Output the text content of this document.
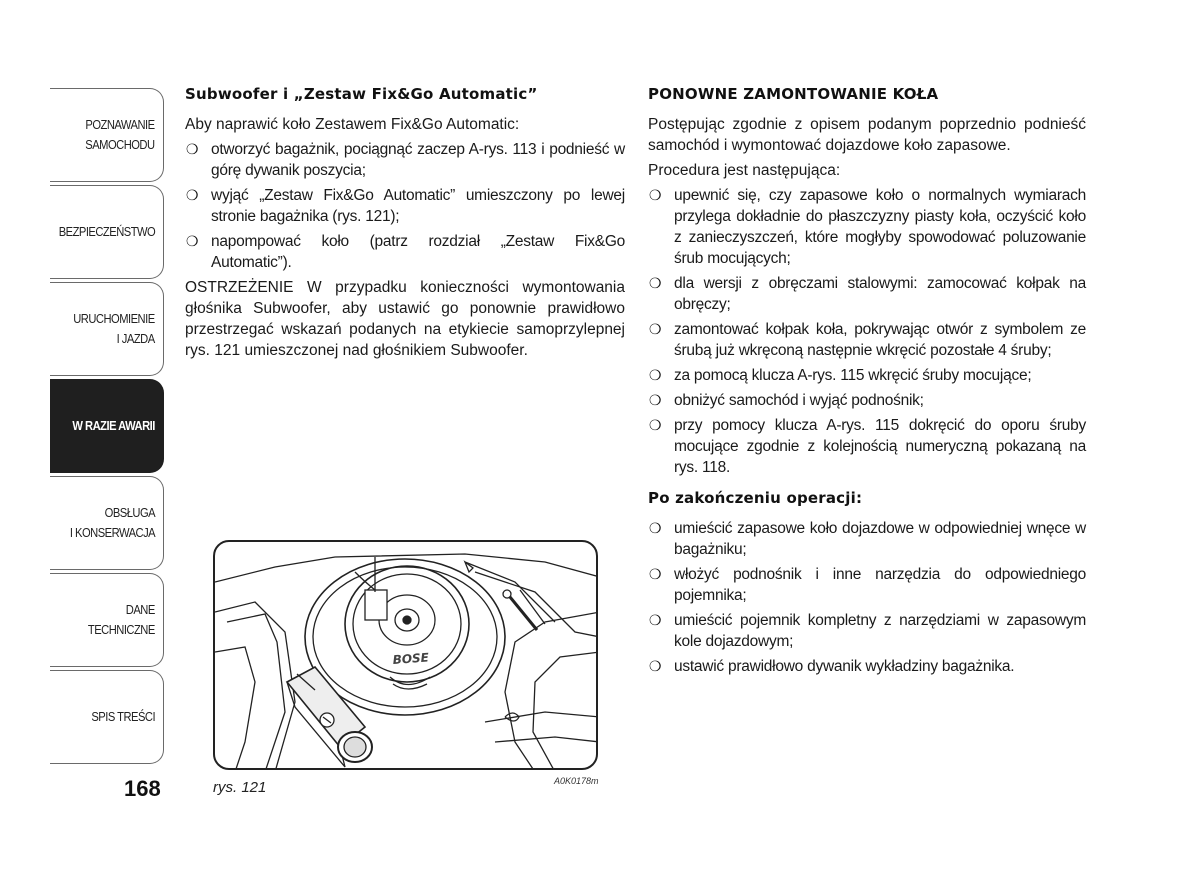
POZNAWANIE
SAMOCHODU
BEZPIECZEŃSTWO
URUCHOMIENIE
I JAZDA
W RAZIE AWARII
OBSŁUGA
I KONSERWACJA
DANE
TECHNICZNE
SPIS TREŚCI
168
Subwoofer i „Zestaw Fix&Go Automatic”

Aby naprawić koło Zestawem Fix&Go Automatic:

❍ otworzyć bagażnik, pociągnąć zaczep A-rys. 113 i podnieść w górę dywanik poszycia;
❍ wyjąć „Zestaw Fix&Go Automatic” umieszczony po lewej stronie bagażnika (rys. 121);
❍ napompować koło (patrz rozdział „Zestaw Fix&Go Automatic”).

OSTRZEŻENIE W przypadku konieczności wymontowania głośnika Subwoofer, aby ustawić go ponownie prawidłowo przestrzegać wskazań podanych na etykiecie samoprzylepnej rys. 121 umieszczonej nad głośnikiem Subwoofer.

BOSE
rys. 121	A0K0178m
PONOWNE ZAMONTOWANIE KOŁA

Postępując zgodnie z opisem podanym poprzednio podnieść samochód i wymontować dojazdowe koło zapasowe.

Procedura jest następująca:

❍ upewnić się, czy zapasowe koło o normalnych wymiarach przylega dokładnie do płaszczyzny piasty koła, oczyścić koło z zanieczyszczeń, które mogłyby spowodować poluzowanie śrub mocujących;
❍ dla wersji z obręczami stalowymi: zamocować kołpak na obręczy;
❍ zamontować kołpak koła, pokrywając otwór z symbolem ze śrubą już wkręconą następnie wkręcić pozostałe 4 śruby;
❍ za pomocą klucza A-rys. 115 wkręcić śruby mocujące;
❍ obniżyć samochód i wyjąć podnośnik;
❍ przy pomocy klucza A-rys. 115 dokręcić do oporu śruby mocujące zgodnie z kolejnością numeryczną pokazaną na rys. 118.
Po zakończeniu operacji:
❍ umieścić zapasowe koło dojazdowe w odpowiedniej wnęce w bagażniku;
❍ włożyć podnośnik i inne narzędzia do odpowiedniego pojemnika;
❍ umieścić pojemnik kompletny z narzędziami w zapasowym kole dojazdowym;
❍ ustawić prawidłowo dywanik wykładziny bagażnika.
